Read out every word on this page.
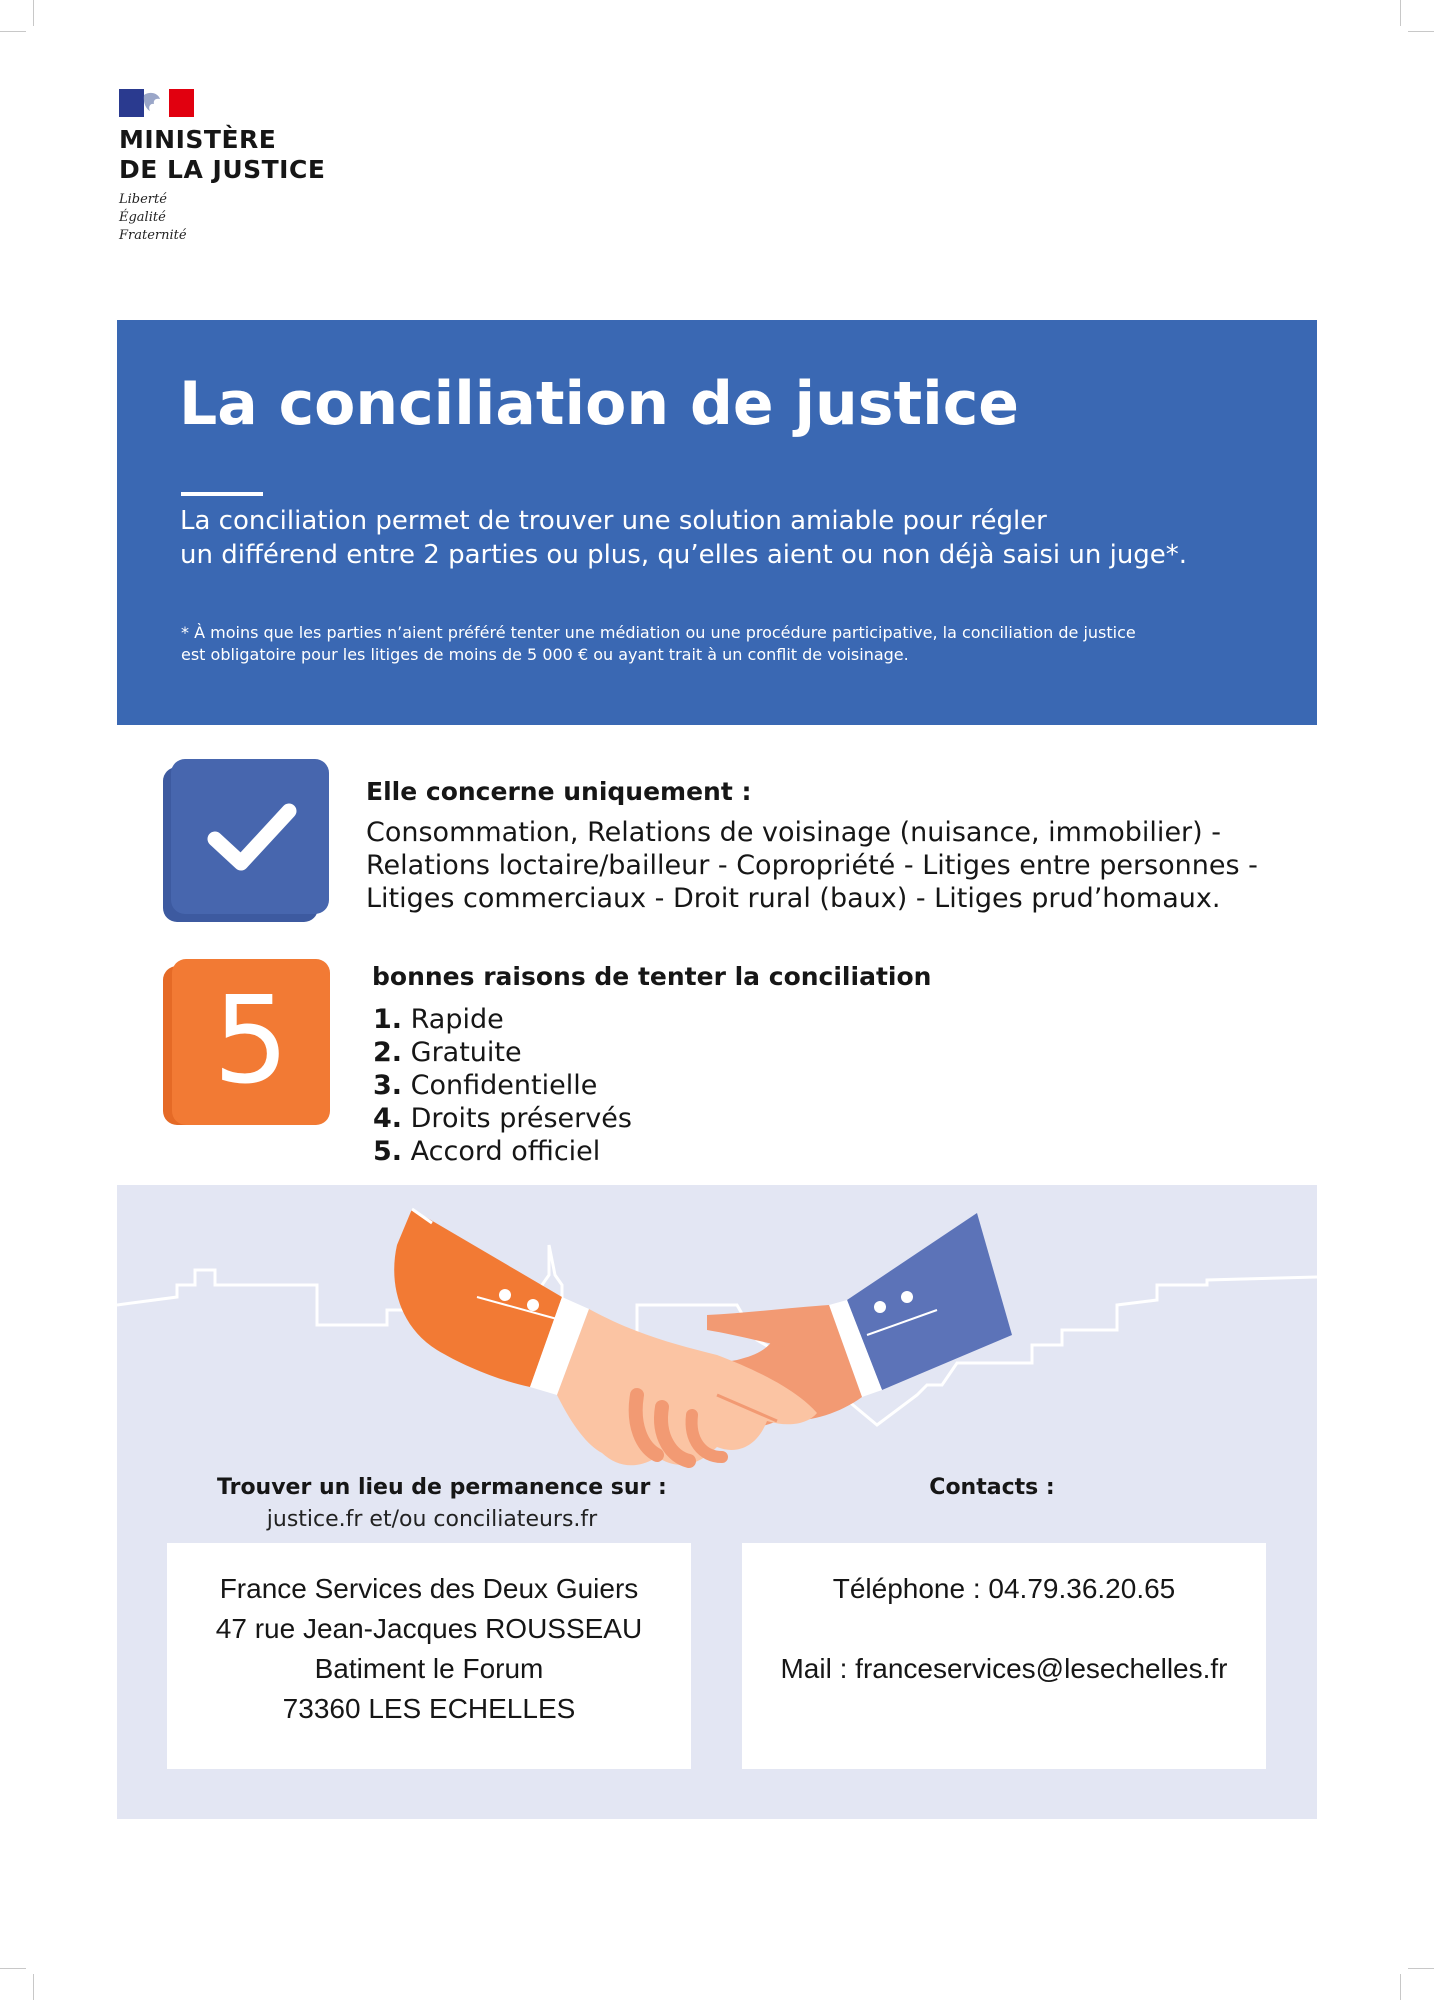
MINISTÈRE
DE LA JUSTICE
Liberté
Égalité
Fraternité
La conciliation de justice
La conciliation permet de trouver une solution amiable pour régler
un différend entre 2 parties ou plus, qu’elles aient ou non déjà saisi un juge*.
* À moins que les parties n’aient préféré tenter une médiation ou une procédure participative, la conciliation de justice
est obligatoire pour les litiges de moins de 5 000 € ou ayant trait à un conflit de voisinage.
Elle concerne uniquement :
Consommation, Relations de voisinage (nuisance, immobilier) -
Relations loctaire/bailleur - Copropriété - Litiges entre personnes -
Litiges commerciaux - Droit rural (baux) - Litiges prud’homaux.
5	bonnes raisons de tenter la conciliation
1. Rapide
2. Gratuite
3. Confidentielle
4. Droits préservés
5. Accord officiel
Trouver un lieu de permanence sur :
justice.fr et/ou conciliateurs.fr
Contacts :
France Services des Deux Guiers
47 rue Jean-Jacques ROUSSEAU
Batiment le Forum
73360 LES ECHELLES
Téléphone : 04.79.36.20.65
Mail : franceservices@lesechelles.fr
